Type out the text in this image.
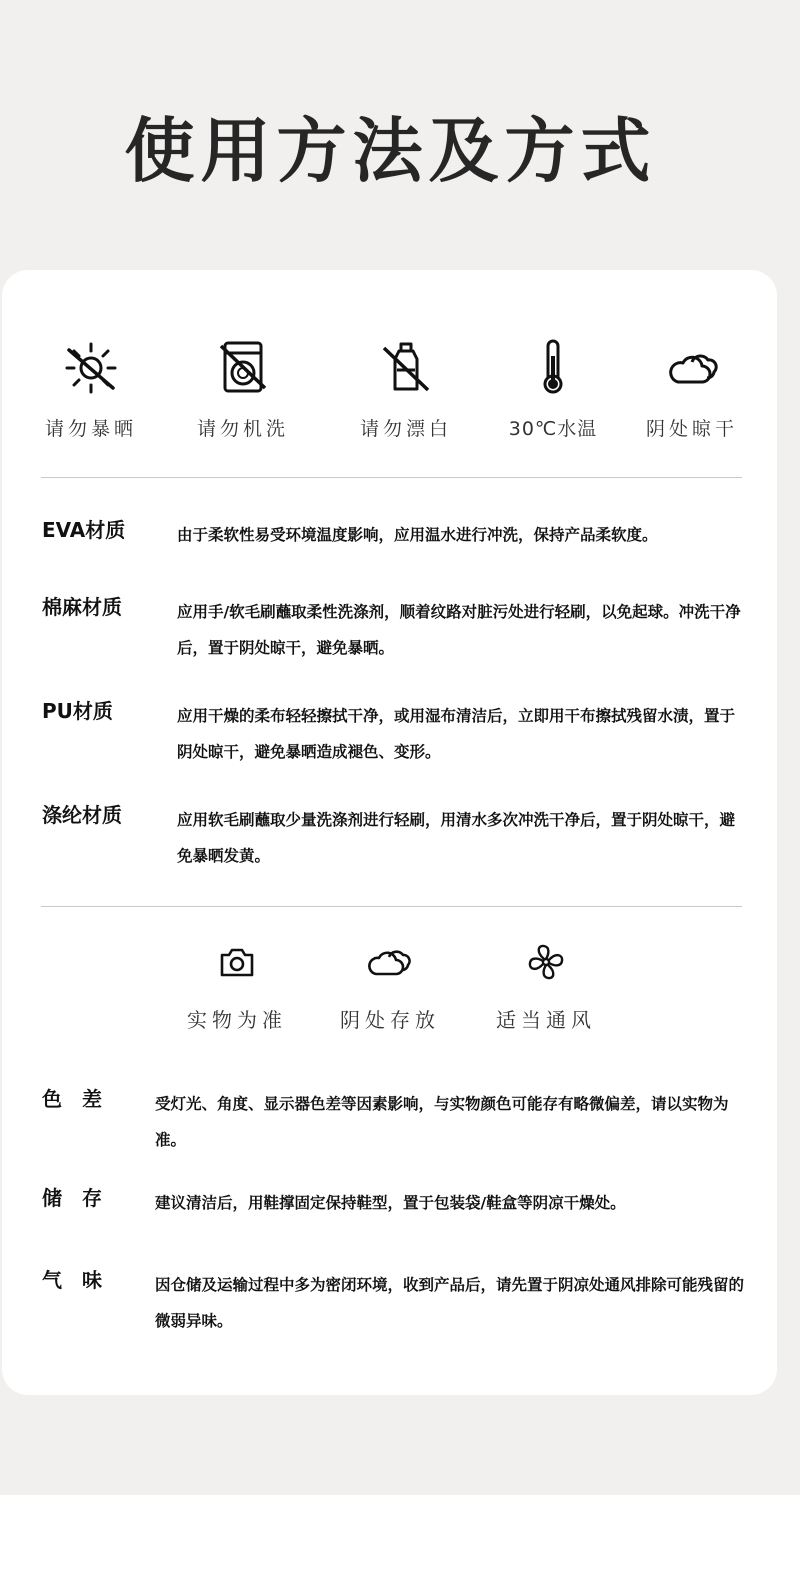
使用方法及方式
请勿暴晒	请勿机洗	请勿漂白	30℃水温	阴处晾干
EVA材质	由于柔软性易受环境温度影响，应用温水进行冲洗，保持产品柔软度。
棉麻材质	应用手/软毛刷蘸取柔性洗涤剂，顺着纹路对脏污处进行轻刷，以免起球。冲洗干净后，置于阴处晾干，避免暴晒。
PU材质	应用干燥的柔布轻轻擦拭干净，或用湿布清洁后，立即用干布擦拭残留水渍，置于阴处晾干，避免暴晒造成褪色、变形。
涤纶材质	应用软毛刷蘸取少量洗涤剂进行轻刷，用清水多次冲洗干净后，置于阴处晾干，避免暴晒发黄。
实物为准	阴处存放	适当通风
色差 受灯光、角度、显示器色差等因素影响，与实物颜色可能存有略微偏差，请以实物为准。
储存 建议清洁后，用鞋撑固定保持鞋型，置于包装袋/鞋盒等阴凉干燥处。
气味 因仓储及运输过程中多为密闭环境，收到产品后，请先置于阴凉处通风排除可能残留的微弱异味。
